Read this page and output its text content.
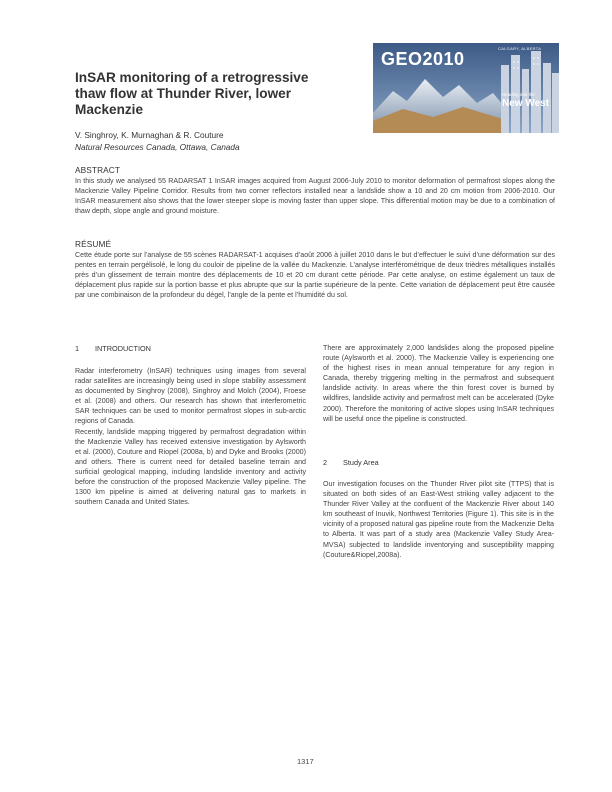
GEO2010
CALGARY, ALBERTA
Heading into the
New West
InSAR monitoring of a retrogressive thaw flow at Thunder River, lower Mackenzie
V. Singhroy, K. Murnaghan & R. Couture
Natural Resources Canada, Ottawa, Canada
ABSTRACT
In this study we analysed 55 RADARSAT 1 InSAR images acquired from August 2006-July 2010 to monitor deformation of permafrost slopes along the Mackenzie Valley Pipeline Corridor. Results from two corner reflectors installed near a landslide show a 10 and 20 cm motion from 2006-2010. Our InSAR measurement also shows that the lower steeper slope is moving faster than upper slope. This differential motion may be due to a combination of thaw depth, slope angle and ground moisture.
RÉSUMÉ
Cette étude porte sur l’analyse de 55 scènes RADARSAT-1 acquises d’août 2006 à juillet 2010 dans le but d’effectuer le suivi d’une déformation sur des pentes en terrain pergélisolé, le long du couloir de pipeline de la vallée du Mackenzie. L’analyse interférométrique de deux trièdres métalliques installés près d’un glissement de terrain montre des déplacements de 10 et 20 cm durant cette période. Par cette analyse, on estime également un taux de déplacement plus rapide sur la portion basse et plus abrupte que sur la partie supérieure de la pente. Cette variation de déplacement peut être causée par une combinaison de la profondeur du dégel, l’angle de la pente et l’humidité du sol.
1 INTRODUCTION

Radar interferometry (InSAR) techniques using images from several radar satellites are increasingly being used in slope stability assessment as documented by Singhroy (2008), Singhroy and Molch (2004), Froese et al. (2008) and others. Our research has shown that interferometric SAR techniques can be used to monitor permafrost slopes in sub-arctic regions of Canada.

Recently, landslide mapping triggered by permafrost degradation within the Mackenzie Valley has received extensive investigation by Aylsworth et al. (2000), Couture and Riopel (2008a, b) and Dyke and Brooks (2000) and others. There is current need for detailed baseline terrain and surficial geological mapping, including landslide inventory and activity before the construction of the proposed Mackenzie Valley pipeline. The 1300 km pipeline is aimed at delivering natural gas to markets in southern Canada and United States.

There are approximately 2,000 landslides along the proposed pipeline route (Aylsworth et al. 2000). The Mackenzie Valley is experiencing one of the highest rises in mean annual temperature for any region in Canada, thereby triggering melting in the permafrost and subsequent landslide activity. In areas where the thin forest cover is burned by wildfires, landslide activity and permafrost melt can be accelerated (Dyke 2000). Therefore the monitoring of active slopes using InSAR techniques will be useful once the pipeline is constructed.

2 Study Area

Our investigation focuses on the Thunder River pilot site (TTPS) that is situated on both sides of an East-West striking valley adjacent to the Thunder River Valley at the confluent of the Mackenzie River about 140 km southeast of Inuvik, Northwest Territories (Figure 1). This site is in the vicinity of a proposed natural gas pipeline route from the Mackenzie Delta to Alberta. It was part of a study area (Mackenzie Valley Study Area-MVSA) subjected to landslide inventorying and susceptibility mapping (Couture&Riopel,2008a).

1317
